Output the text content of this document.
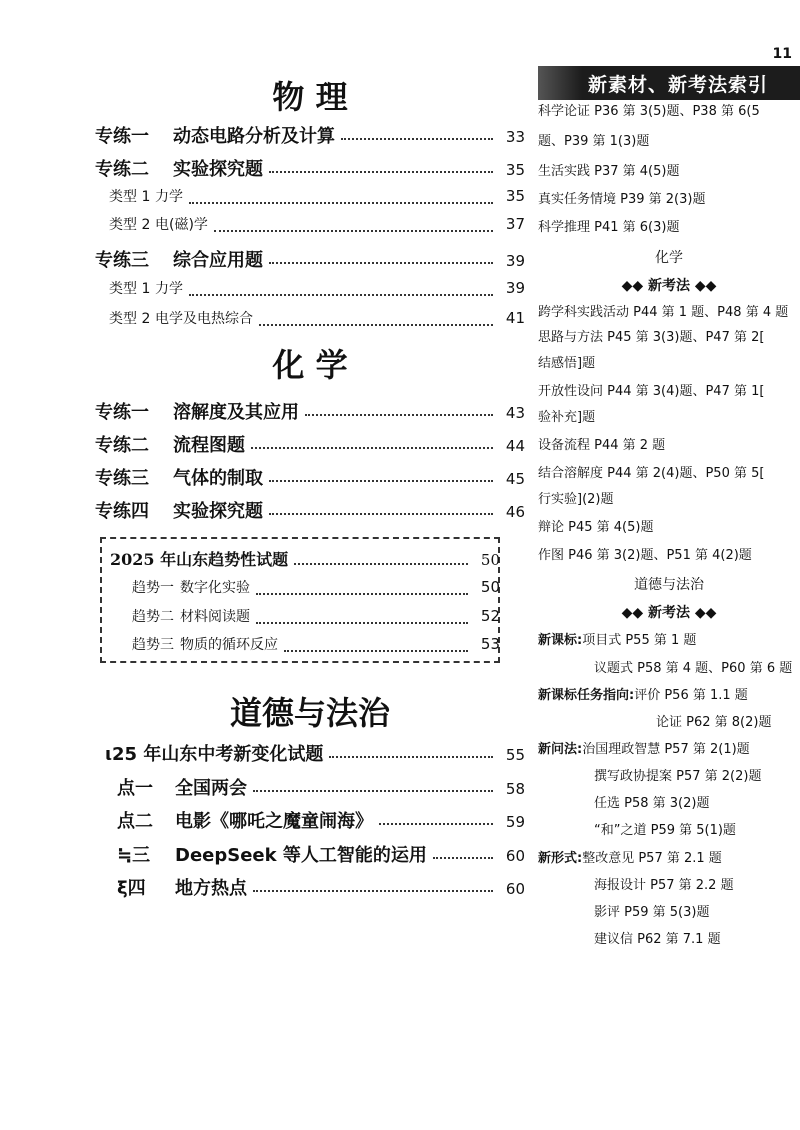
物 理
专练一	动态电路分析及计算	33
专练二	实验探究题	35
类型 1 力学	35
类型 2 电(磁)学	37
专练三	综合应用题	39
类型 1 力学	39
类型 2 电学及电热综合	41
化 学
专练一	溶解度及其应用	43
专练二	流程图题	44
专练三	气体的制取	45
专练四	实验探究题	46
道德与法治
ι25 年山东中考新变化试题	55
点一	全国两会	58
点二	电影《哪吒之魔童闹海》	59
≒三	DeepSeek 等人工智能的运用	60
ξ四	地方热点	60
2025 年山东趋势性试题	50
趋势一 数字化实验	50
趋势二 材料阅读题	52
趋势三 物质的循环反应	53
11
新素材、新考法索引
科学论证 P36 第 3(5)题、P38 第 6(5
题、P39 第 1(3)题
生活实践 P37 第 4(5)题
真实任务情境 P39 第 2(3)题
科学推理 P41 第 6(3)题
化学
◆◆ 新考法 ◆◆
跨学科实践活动 P44 第 1 题、P48 第 4 题
思路与方法 P45 第 3(3)题、P47 第 2[
结感悟]题
开放性设问 P44 第 3(4)题、P47 第 1[
验补充]题
设备流程 P44 第 2 题
结合溶解度 P44 第 2(4)题、P50 第 5[
行实验](2)题
辩论 P45 第 4(5)题
作图 P46 第 3(2)题、P51 第 4(2)题
道德与法治
◆◆ 新考法 ◆◆
新课标:项目式 P55 第 1 题
议题式 P58 第 4 题、P60 第 6 题
新课标任务指向:评价 P56 第 1.1 题
论证 P62 第 8(2)题
新问法:治国理政智慧 P57 第 2(1)题
撰写政协提案 P57 第 2(2)题
任选 P58 第 3(2)题
“和”之道 P59 第 5(1)题
新形式:整改意见 P57 第 2.1 题
海报设计 P57 第 2.2 题
影评 P59 第 5(3)题
建议信 P62 第 7.1 题
